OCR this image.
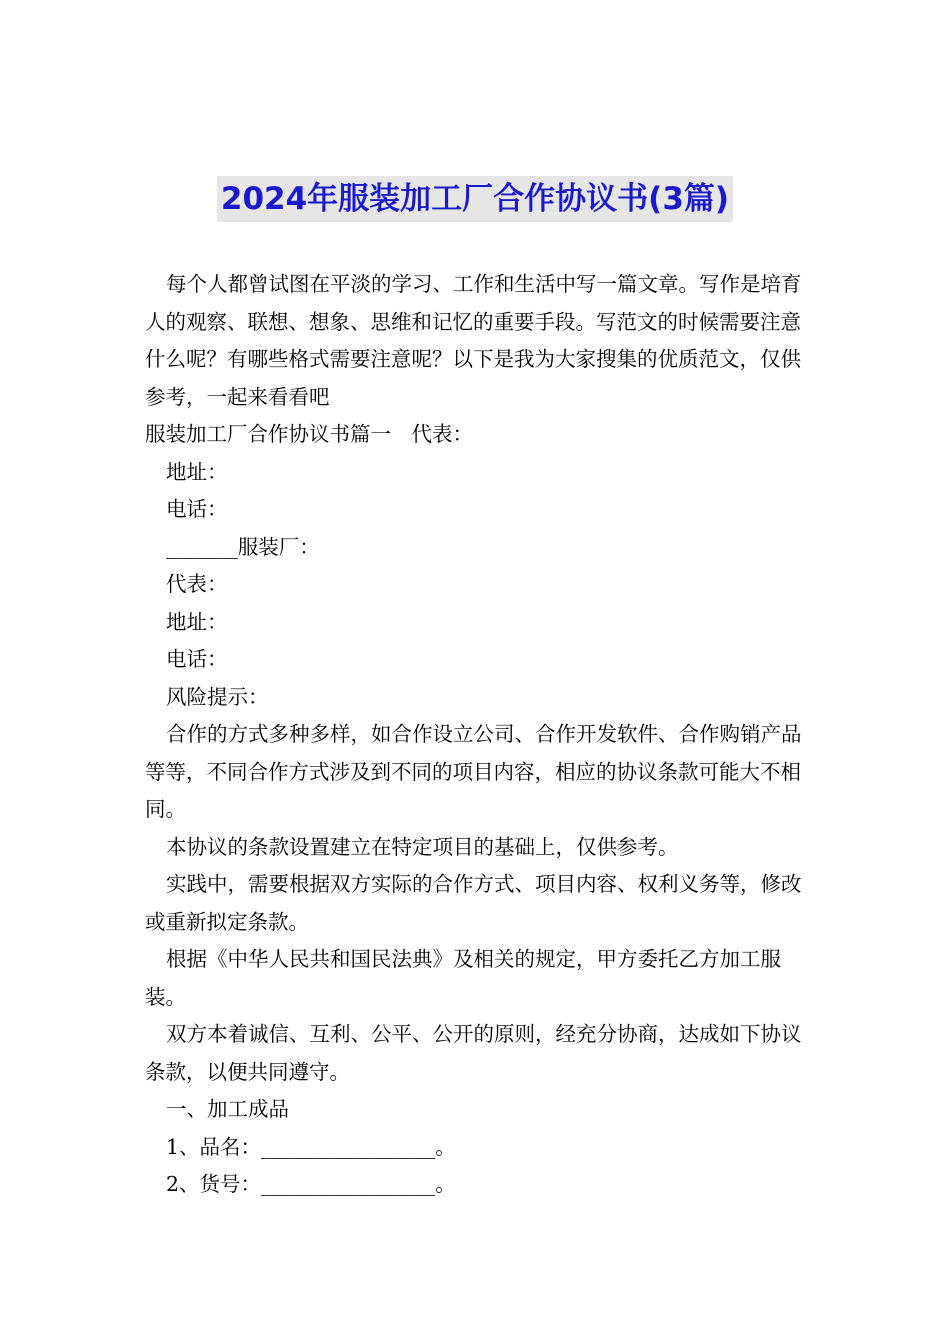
2024年服装加工厂合作协议书(3篇)

每个人都曾试图在平淡的学习、工作和生活中写一篇文章。写作是培育人的观察、联想、想象、思维和记忆的重要手段。写范文的时候需要注意什么呢？有哪些格式需要注意呢？以下是我为大家搜集的优质范文，仅供参考，一起来看看吧

服装加工厂合作协议书篇一　代表：

地址：

电话：

_______服装厂：

代表：

地址：

电话：

风险提示：

合作的方式多种多样，如合作设立公司、合作开发软件、合作购销产品等等，不同合作方式涉及到不同的项目内容，相应的协议条款可能大不相同。

本协议的条款设置建立在特定项目的基础上，仅供参考。

实践中，需要根据双方实际的合作方式、项目内容、权利义务等，修改或重新拟定条款。

根据《中华人民共和国民法典》及相关的规定，甲方委托乙方加工服装。

双方本着诚信、互利、公平、公开的原则，经充分协商，达成如下协议条款，以便共同遵守。

一、加工成品

1、品名：_________________。

2、货号：_________________。
